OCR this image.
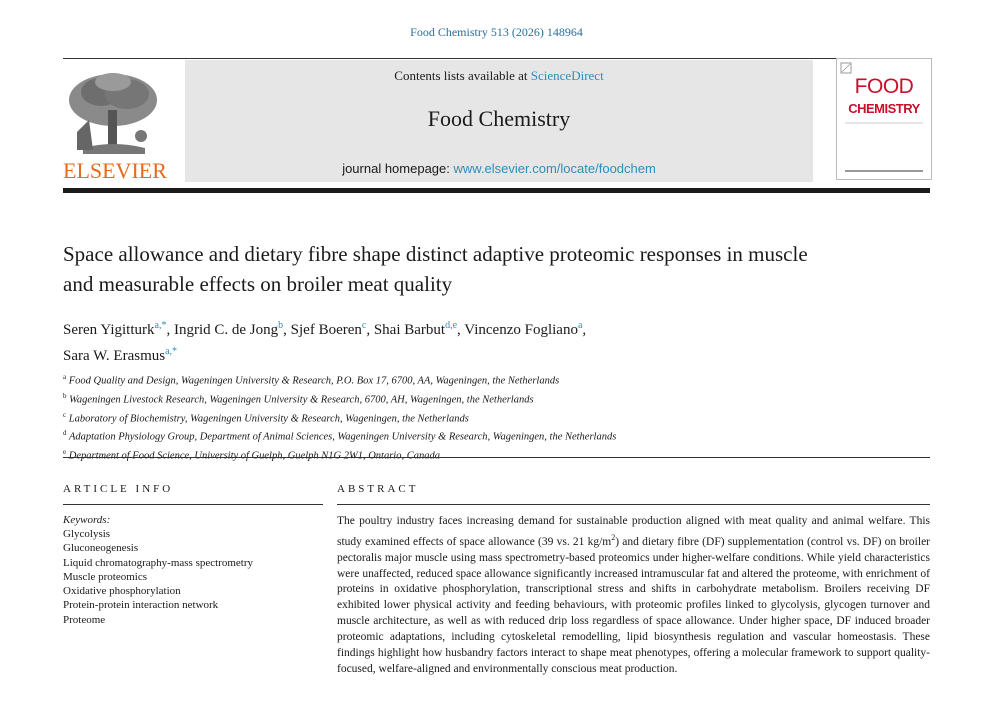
Food Chemistry 513 (2026) 148964
ELSEVIER
Contents lists available at ScienceDirect
Food Chemistry
journal homepage: www.elsevier.com/locate/foodchem
FOOD
CHEMISTRY
Space allowance and dietary fibre shape distinct adaptive proteomic responses in muscle and measurable effects on broiler meat quality
Seren Yigitturk$^{a,*}$, Ingrid C. de Jong$^b$, Sjef Boeren$^c$, Shai Barbut$^{d,e}$, Vincenzo Fogliano$^a$,
Sara W. Erasmus$^{a,*}$
$^a$ Food Quality and Design, Wageningen University & Research, P.O. Box 17, 6700, AA, Wageningen, the Netherlands
$^b$ Wageningen Livestock Research, Wageningen University & Research, 6700, AH, Wageningen, the Netherlands
$^c$ Laboratory of Biochemistry, Wageningen University & Research, Wageningen, the Netherlands
$^d$ Adaptation Physiology Group, Department of Animal Sciences, Wageningen University & Research, Wageningen, the Netherlands
$^e$
ARTICLE INFO
Keywords:
Glycolysis
Gluconeogenesis
Liquid chromatography-mass spectrometry
Muscle proteomics
Oxidative phosphorylation
Protein-protein interaction network
Proteome
ABSTRACT
The poultry industry faces increasing demand for sustainable production aligned with meat quality and animal welfare. This study examined effects of space allowance (39 vs. 21 $kg/m^2$) and dietary fibre (DF) supplementation (control vs. DF) on broiler pectoralis major muscle using mass spectrometry-based proteomics under higher-welfare conditions. While yield characteristics were unaffected, reduced space allowance significantly increased intramuscular fat and altered the proteome, with enrichment of proteins in oxidative phosphorylation, transcriptional stress and shifts in carbohydrate metabolism. Broilers receiving DF exhibited lower physical activity and feeding behaviours, with proteomic profiles linked to glycolysis, glycogen turnover and muscle architecture, as well as with reduced drip loss regardless of space allowance. Under higher space, DF induced broader proteomic adaptations, including cytoskeletal remodelling, lipid biosynthesis regulation and vascular homeostasis. These findings highlight how husbandry factors interact to shape meat phenotypes, offering a molecular framework to support quality-focused, welfare-aligned and environmentally conscious meat production.
